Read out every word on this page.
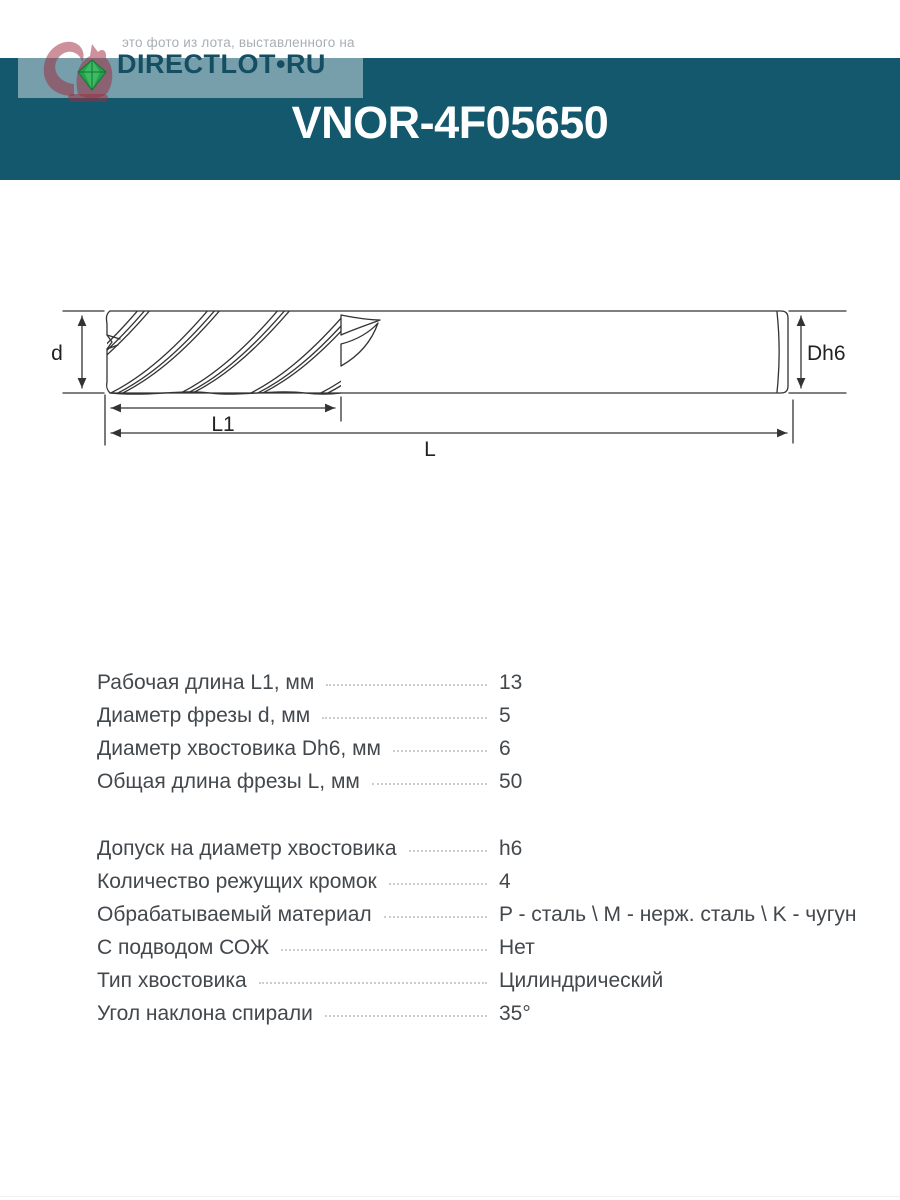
это фото из лота, выставленного на
DIRECTLOT•RU
VNOR-4F05650
d	Dh6
L1
L
Рабочая длина L1, мм	13
Диаметр фрезы d, мм	5
Диаметр хвостовика Dh6, мм	6
Общая длина фрезы L, мм	50
Допуск на диаметр хвостовика	h6
Количество режущих кромок	4
Обрабатываемый материал	P - сталь \ M - нерж. сталь \ K - чугун
С подводом СОЖ	Нет
Тип хвостовика	Цилиндрический
Угол наклона спирали	35°
